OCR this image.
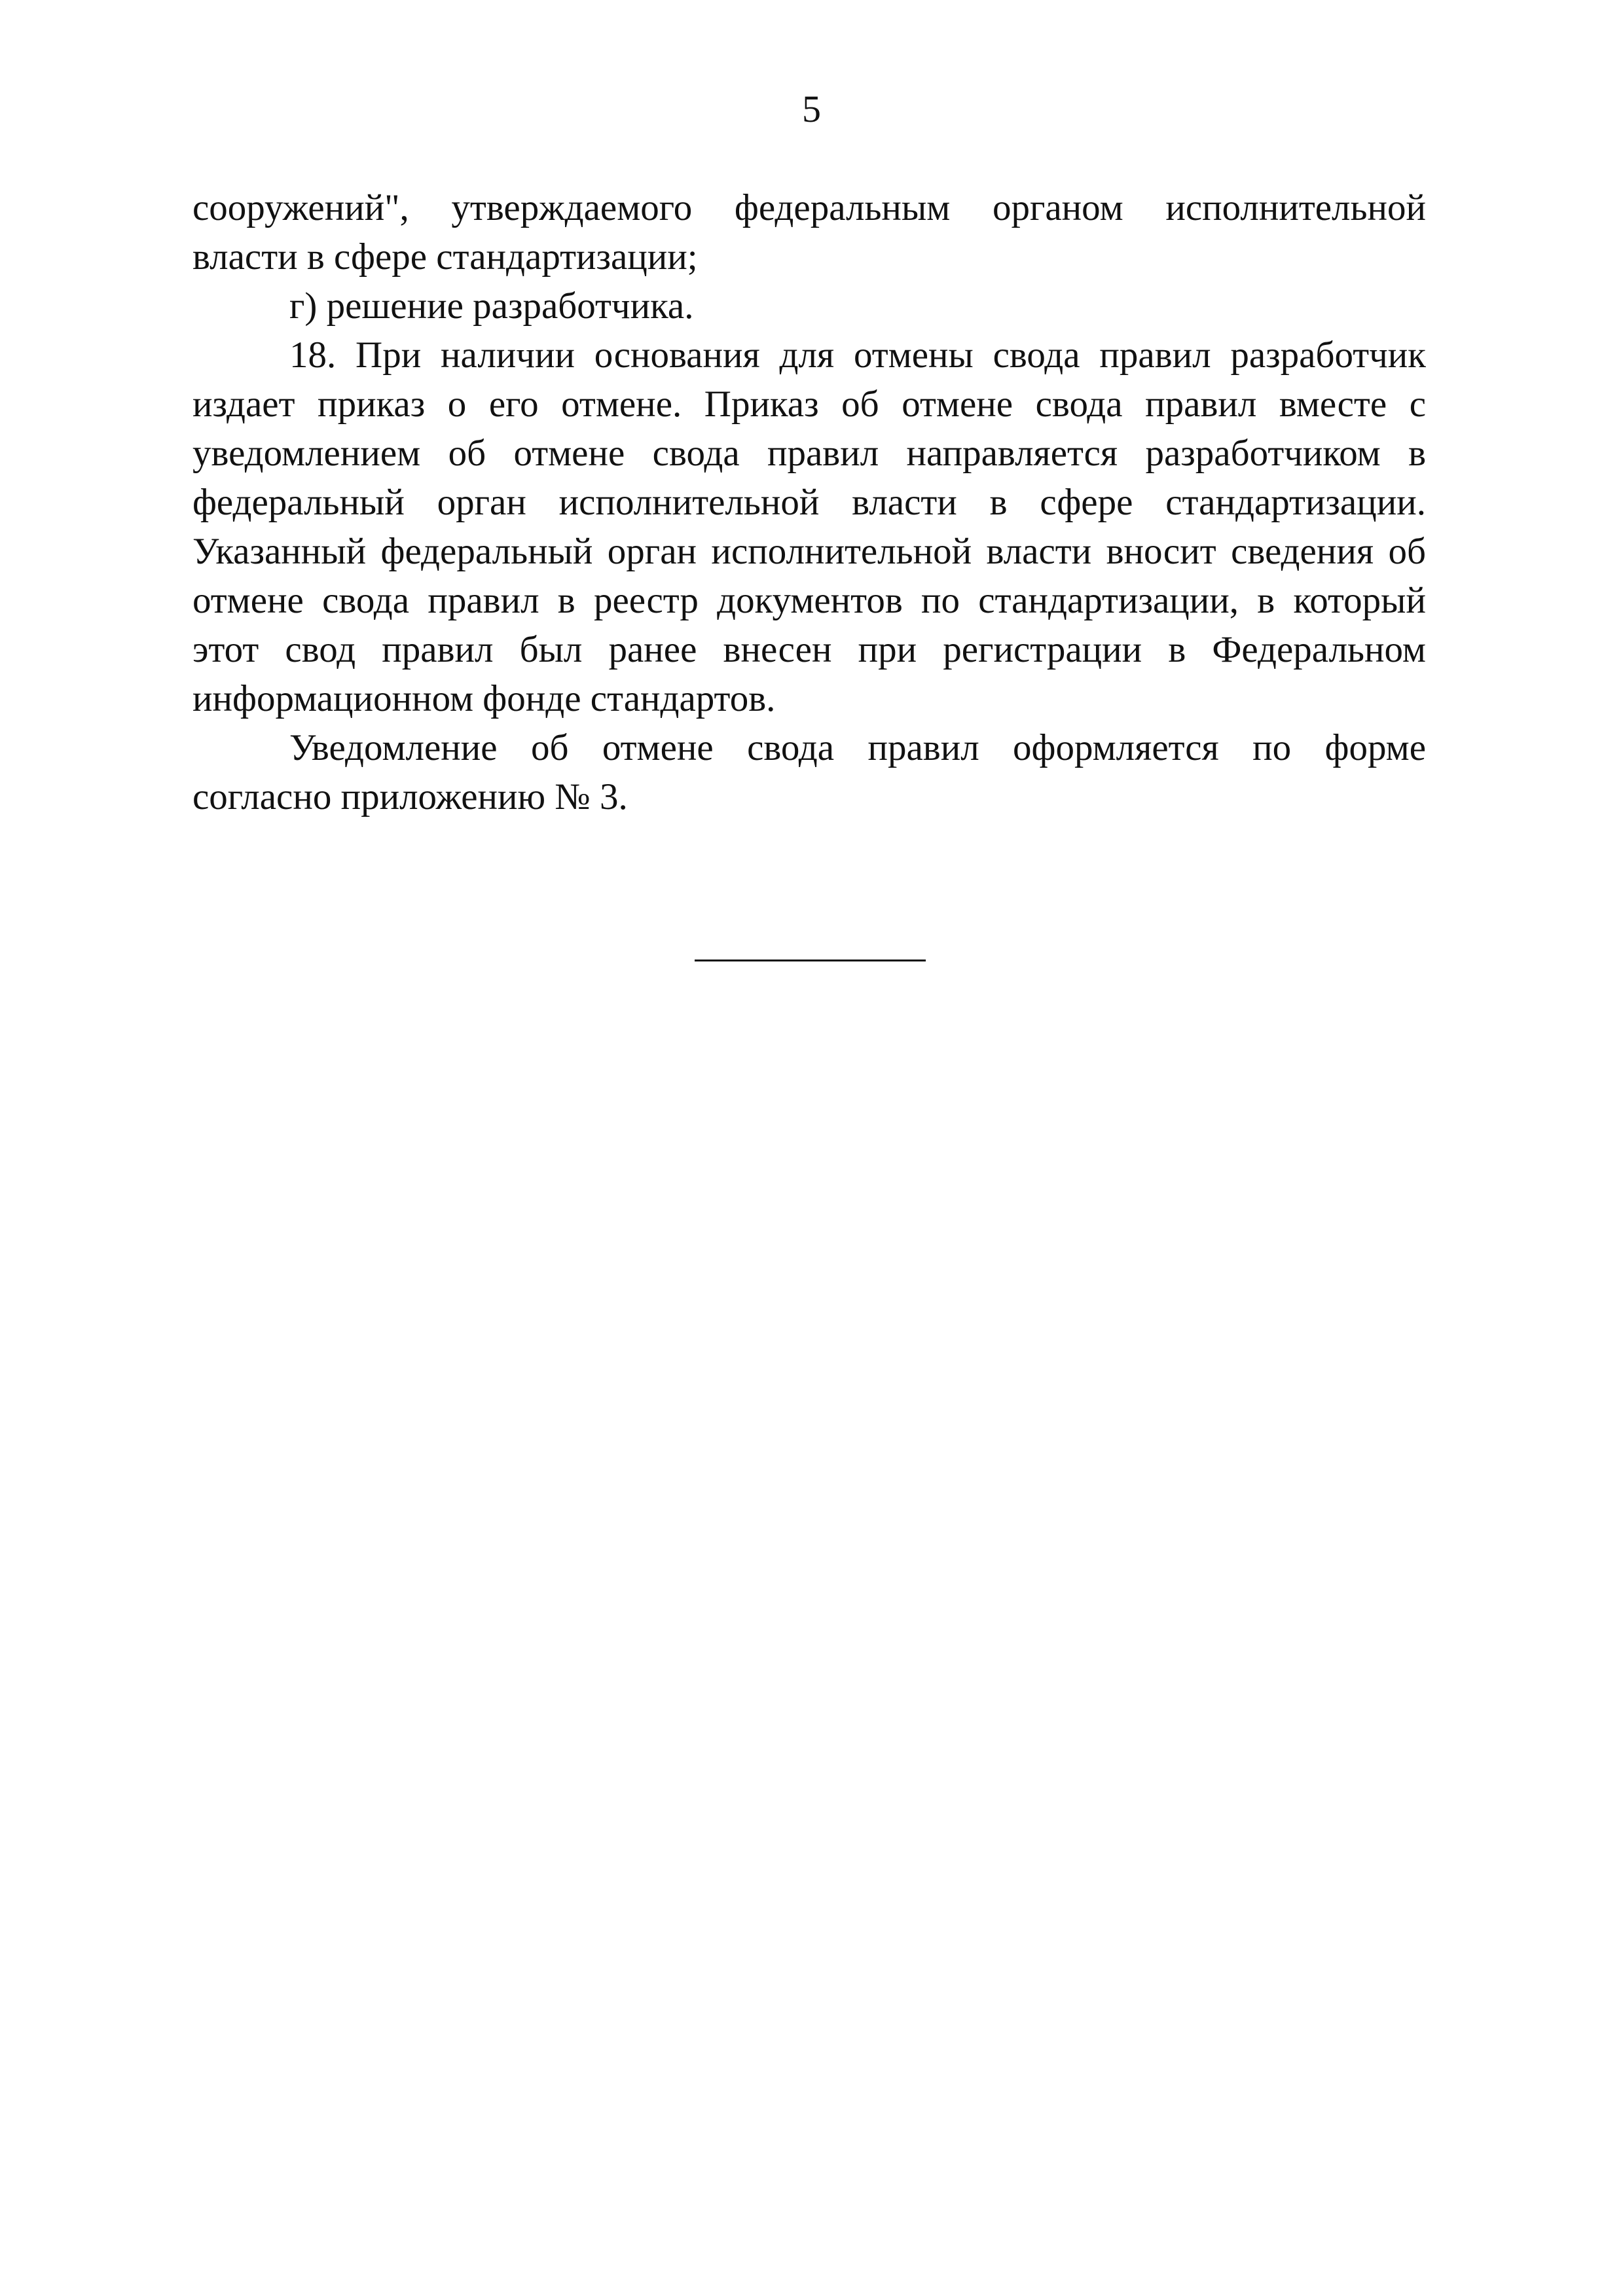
5
сооружений", утверждаемого федеральным органом исполнительной
власти в сфере стандартизации;
г) решение разработчика.
18. При наличии основания для отмены свода правил разработчик
издает приказ о его отмене. Приказ об отмене свода правил вместе с
уведомлением об отмене свода правил направляется разработчиком в
федеральный орган исполнительной власти в сфере стандартизации.
Указанный федеральный орган исполнительной власти вносит сведения об
отмене свода правил в реестр документов по стандартизации, в который
этот свод правил был ранее внесен при регистрации в Федеральном
информационном фонде стандартов.
Уведомление об отмене свода правил оформляется по форме
согласно приложению № 3.
